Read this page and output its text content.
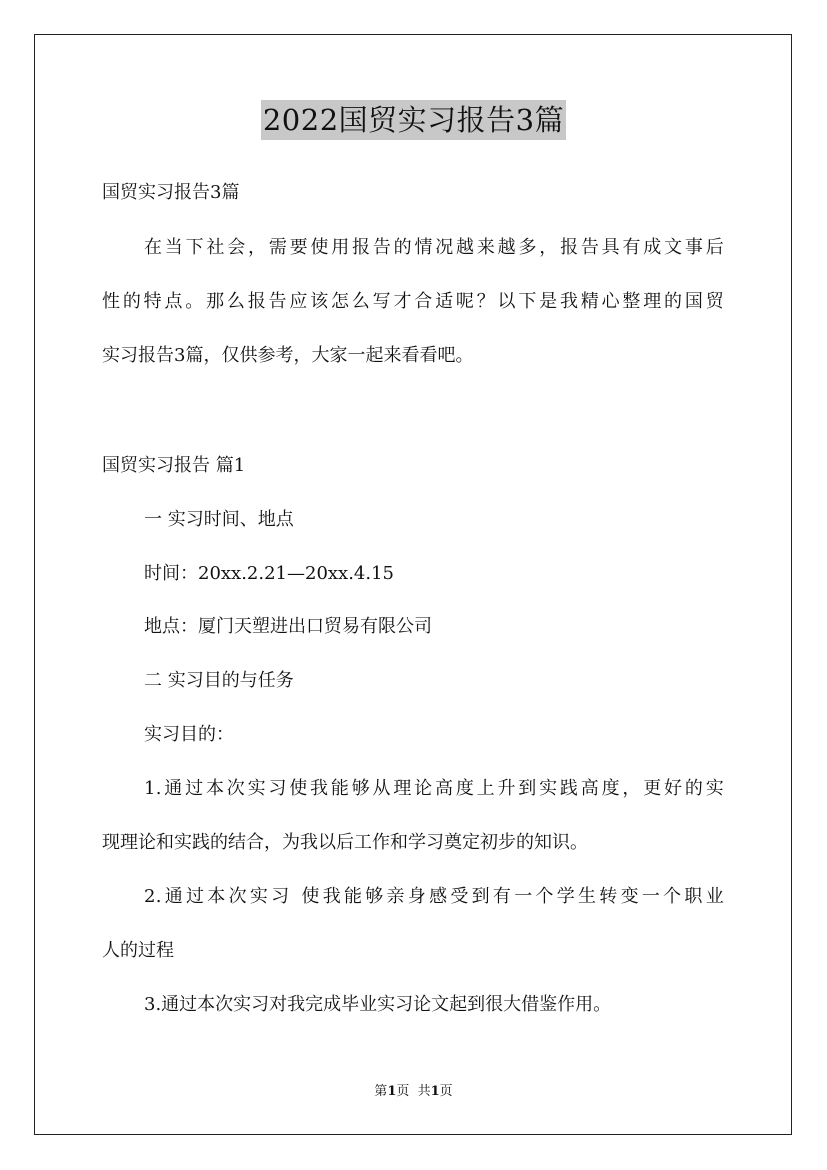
2022国贸实习报告3篇
国贸实习报告3篇
在当下社会，需要使用报告的情况越来越多，报告具有成文事后
性的特点。那么报告应该怎么写才合适呢？以下是我精心整理的国贸
实习报告3篇，仅供参考，大家一起来看看吧。
国贸实习报告 篇1
一 实习时间、地点
时间：20xx.2.21—20xx.4.15
地点：厦门天塑进出口贸易有限公司
二 实习目的与任务
实习目的：
1.通过本次实习使我能够从理论高度上升到实践高度，更好的实
现理论和实践的结合，为我以后工作和学习奠定初步的知识。
2.通过本次实习 使我能够亲身感受到有一个学生转变一个职业
人的过程
3.通过本次实习对我完成毕业实习论文起到很大借鉴作用。
第1页  共1页
